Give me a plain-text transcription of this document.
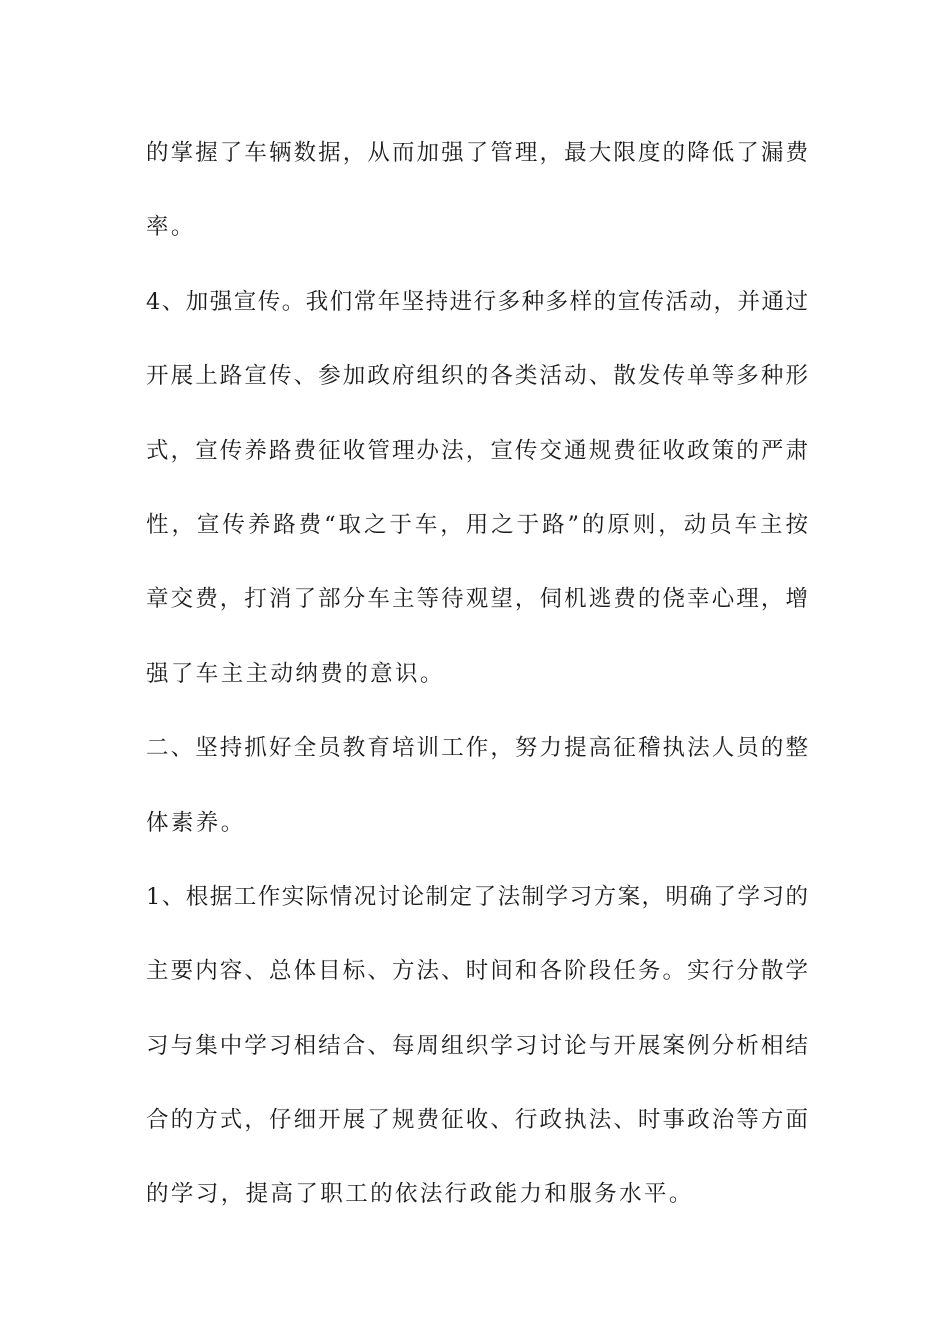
的掌握了车辆数据，从而加强了管理，最大限度的降低了漏费
率。
4、加强宣传。我们常年坚持进行多种多样的宣传活动，并通过
开展上路宣传、参加政府组织的各类活动、散发传单等多种形
式，宣传养路费征收管理办法，宣传交通规费征收政策的严肃
性，宣传养路费“取之于车，用之于路”的原则，动员车主按
章交费，打消了部分车主等待观望，伺机逃费的侥幸心理，增
强了车主主动纳费的意识。
二、坚持抓好全员教育培训工作，努力提高征稽执法人员的整
体素养。
1、根据工作实际情况讨论制定了法制学习方案，明确了学习的
主要内容、总体目标、方法、时间和各阶段任务。实行分散学
习与集中学习相结合、每周组织学习讨论与开展案例分析相结
合的方式，仔细开展了规费征收、行政执法、时事政治等方面
的学习，提高了职工的依法行政能力和服务水平。
